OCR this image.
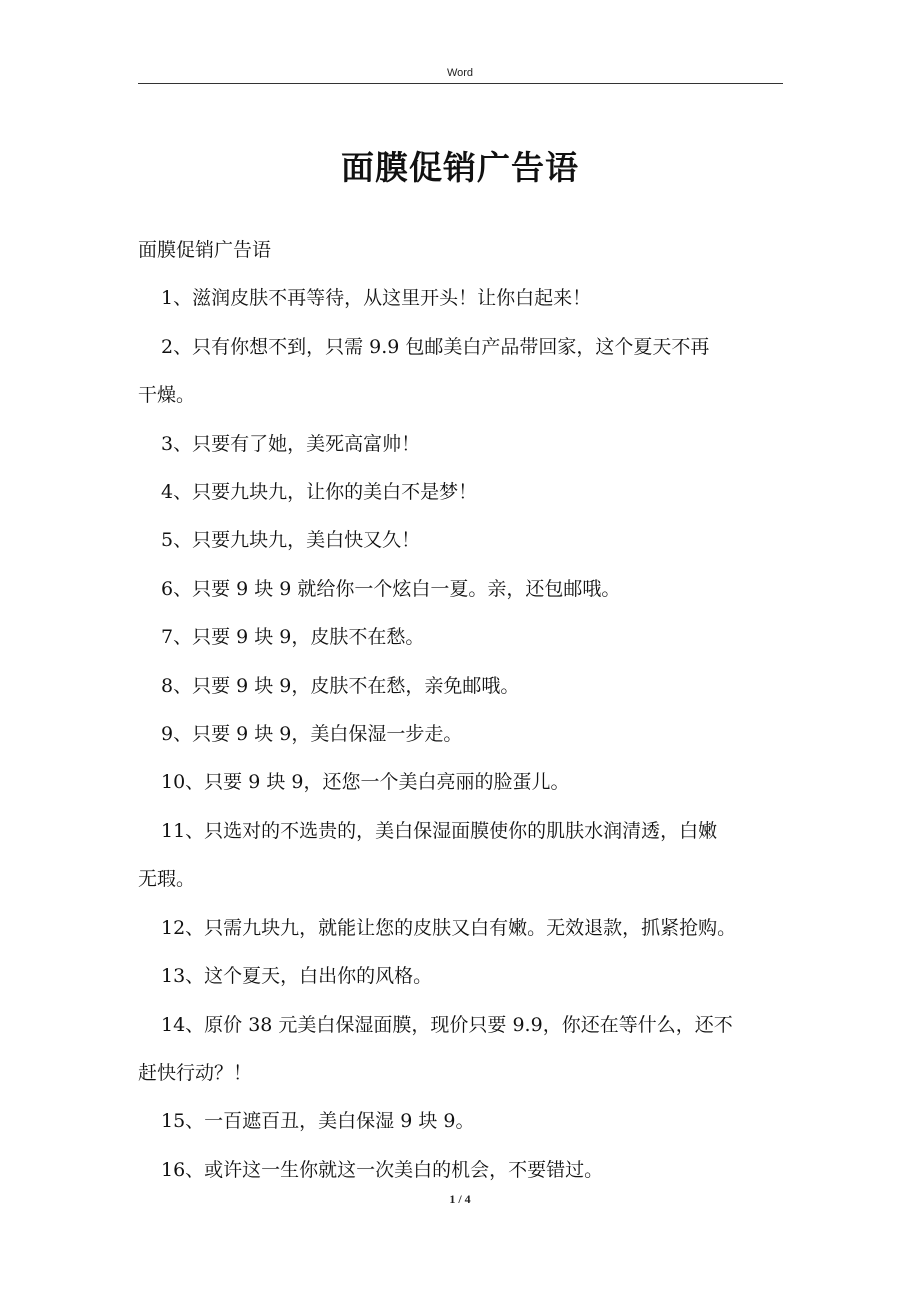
Word
面膜促销广告语

面膜促销广告语

1、滋润皮肤不再等待，从这里开头！让你白起来！

2、只有你想不到，只需 9.9 包邮美白产品带回家，这个夏天不再

干燥。

3、只要有了她，美死高富帅！

4、只要九块九，让你的美白不是梦！

5、只要九块九，美白快又久！

6、只要 9 块 9 就给你一个炫白一夏。亲，还包邮哦。

7、只要 9 块 9，皮肤不在愁。

8、只要 9 块 9，皮肤不在愁，亲免邮哦。

9、只要 9 块 9，美白保湿一步走。

10、只要 9 块 9，还您一个美白亮丽的脸蛋儿。

11、只选对的不选贵的，美白保湿面膜使你的肌肤水润清透，白嫩

无瑕。

12、只需九块九，就能让您的皮肤又白有嫩。无效退款，抓紧抢购。

13、这个夏天，白出你的风格。

14、原价 38 元美白保湿面膜，现价只要 9.9，你还在等什么，还不

赶快行动？！

15、一百遮百丑，美白保湿 9 块 9。

16、或许这一生你就这一次美白的机会，不要错过。

1 / 4
